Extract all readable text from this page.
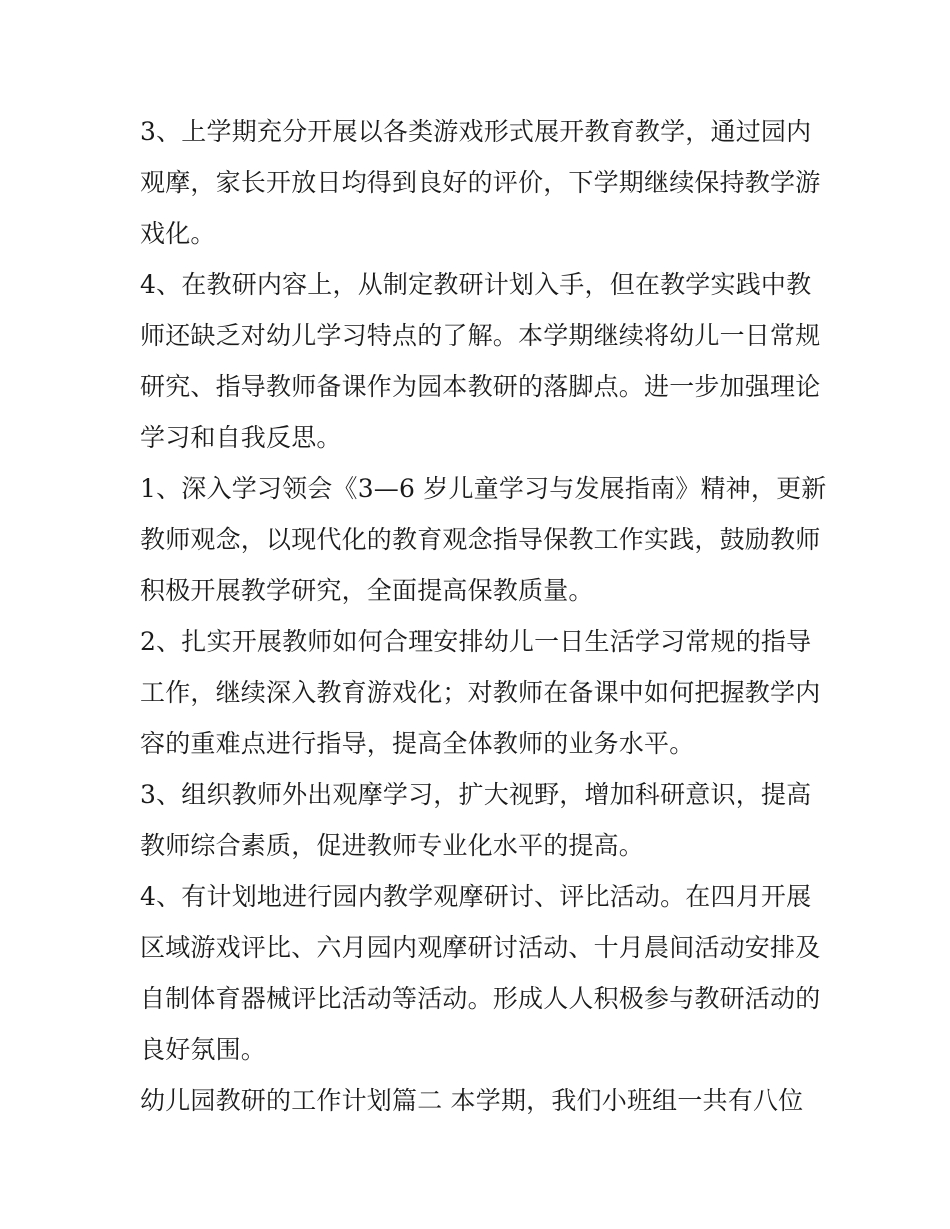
3、上学期充分开展以各类游戏形式展开教育教学，通过园内
观摩，家长开放日均得到良好的评价，下学期继续保持教学游
戏化。
4、在教研内容上，从制定教研计划入手，但在教学实践中教
师还缺乏对幼儿学习特点的了解。本学期继续将幼儿一日常规
研究、指导教师备课作为园本教研的落脚点。进一步加强理论
学习和自我反思。
1、深入学习领会《3—6 岁儿童学习与发展指南》精神，更新
教师观念，以现代化的教育观念指导保教工作实践，鼓励教师
积极开展教学研究，全面提高保教质量。
2、扎实开展教师如何合理安排幼儿一日生活学习常规的指导
工作，继续深入教育游戏化；对教师在备课中如何把握教学内
容的重难点进行指导，提高全体教师的业务水平。
3、组织教师外出观摩学习，扩大视野，增加科研意识，提高
教师综合素质，促进教师专业化水平的提高。
4、有计划地进行园内教学观摩研讨、评比活动。在四月开展
区域游戏评比、六月园内观摩研讨活动、十月晨间活动安排及
自制体育器械评比活动等活动。形成人人积极参与教研活动的
良好氛围。
幼儿园教研的工作计划篇二 本学期，我们小班组一共有八位
